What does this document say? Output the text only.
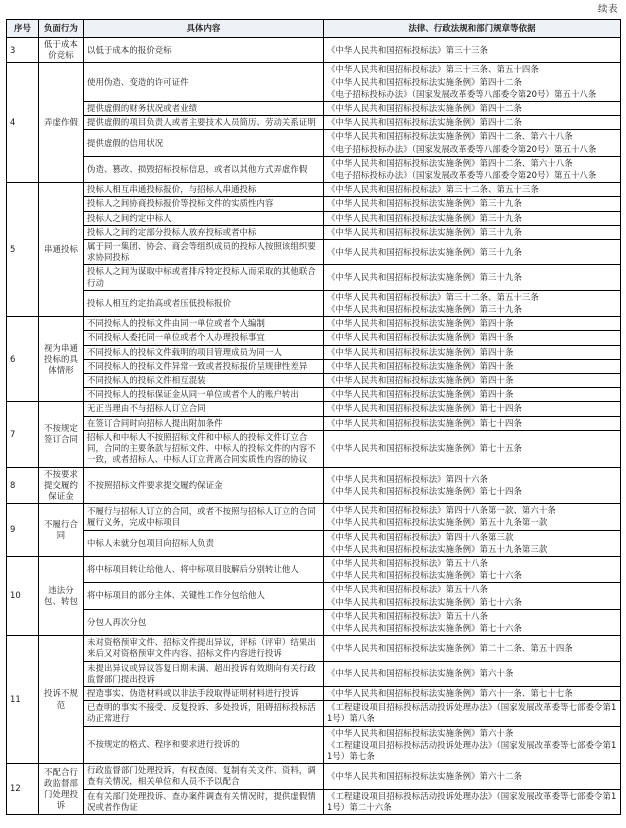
续表
序号	负面行为	具体内容	法律、行政法规和部门规章等依据
3	低于成本价竞标	以低于成本的报价竞标	《中华人民共和国招标投标法》第三十三条

4	弄虚作假	使用伪造、变造的许可证件	《中华人民共和国招标投标法》第三十三条、第五十四条
《中华人民共和国招标投标法实施条例》第四十二条
《电子招标投标办法》（国家发展改革委等八部委令第20号）第五十八条

		提供虚假的财务状况或者业绩	《中华人民共和国招标投标法实施条例》第四十二条

		提供虚假的项目负责人或者主要技术人员简历、劳动关系证明	《中华人民共和国招标投标法实施条例》第四十二条

		提供虚假的信用状况	《中华人民共和国招标投标法实施条例》第四十二条、第六十八条
《电子招标投标办法》（国家发展改革委等八部委令第20号）第五十八条

		伪造、篡改、损毁招标投标信息，或者以其他方式弄虚作假	《中华人民共和国招标投标法实施条例》第四十二条、第六十八条
《电子招标投标办法》（国家发展改革委等八部委令第20号）第五十八条

5	串通投标	投标人相互串通投标报价，与招标人串通投标	《中华人民共和国招标投标法》第三十二条、第五十三条

		投标人之间协商投标报价等投标文件的实质性内容	《中华人民共和国招标投标法实施条例》第三十九条

		投标人之间约定中标人	《中华人民共和国招标投标法实施条例》第三十九条

		投标人之间约定部分投标人放弃投标或者中标	《中华人民共和国招标投标法实施条例》第三十九条

		属于同一集团、协会、商会等组织成员的投标人按照该组织要求协同投标	《中华人民共和国招标投标法实施条例》第三十九条

		投标人之间为谋取中标或者排斥特定投标人而采取的其他联合行动	《中华人民共和国招标投标法实施条例》第三十九条

		投标人相互约定抬高或者压低投标报价	《中华人民共和国招标投标法》第三十二条、第五十三条
《中华人民共和国招标投标法实施条例》第三十九条

6	视为串通投标的具体情形	不同投标人的投标文件由同一单位或者个人编制	《中华人民共和国招标投标法实施条例》第四十条

		不同投标人委托同一单位或者个人办理投标事宜	《中华人民共和国招标投标法实施条例》第四十条

		不同投标人的投标文件载明的项目管理成员为同一人	《中华人民共和国招标投标法实施条例》第四十条

		不同投标人的投标文件异常一致或者投标报价呈规律性差异	《中华人民共和国招标投标法实施条例》第四十条

		不同投标人的投标文件相互混装	《中华人民共和国招标投标法实施条例》第四十条

		不同投标人的投标保证金从同一单位或者个人的账户转出	《中华人民共和国招标投标法实施条例》第四十条

7	不按规定签订合同	无正当理由不与招标人订立合同	《中华人民共和国招标投标法实施条例》第七十四条

		在签订合同时向招标人提出附加条件	《中华人民共和国招标投标法实施条例》第七十四条

		招标人和中标人不按照招标文件和中标人的投标文件订立合同，合同的主要条款与招标文件、中标人的投标文件的内容不一致，或者招标人、中标人订立背离合同实质性内容的协议	《中华人民共和国招标投标法实施条例》第七十五条

8	不按要求提交履约保证金	不按照招标文件要求提交履约保证金	《中华人民共和国招标投标法》第四十六条
《中华人民共和国招标投标法实施条例》第七十四条

9	不履行合同	不履行与招标人订立的合同，或者不按照与招标人订立的合同履行义务，完成中标项目	《中华人民共和国招标投标法》第四十八条第一款、第六十条
《中华人民共和国招标投标法实施条例》第五十九条第一款

		中标人未就分包项目向招标人负责	《中华人民共和国招标投标法》第四十八条第三款
《中华人民共和国招标投标法实施条例》第五十九条第三款

10	违法分包、转包	将中标项目转让给他人、将中标项目肢解后分别转让他人	《中华人民共和国招标投标法》第五十八条
《中华人民共和国招标投标法实施条例》第七十六条

		将中标项目的部分主体、关键性工作分包给他人	《中华人民共和国招标投标法》第五十八条
《中华人民共和国招标投标法实施条例》第七十六条

		分包人再次分包	《中华人民共和国招标投标法》第五十八条
《中华人民共和国招标投标法实施条例》第七十六条

11	投诉不规范	未对资格预审文件、招标文件提出异议，评标（评审）结果出来后又对资格预审文件内容、招标文件内容进行投诉	《中华人民共和国招标投标法实施条例》第二十二条、第五十四条

		未提出异议或异议答复日期未满、超出投诉有效期向有关行政监督部门提出投诉	《中华人民共和国招标投标法实施条例》第六十条

		捏造事实、伪造材料或以非法手段取得证明材料进行投诉	《中华人民共和国招标投标法实施条例》第六十一条、第七十七条

		已查明的事实不接受、反复投诉、多处投诉，阻碍招标投标活动正常进行	《工程建设项目招标投标活动投诉处理办法》（国家发展改革委等七部委令第11号）第八条

		不按规定的格式、程序和要求进行投诉的	《中华人民共和国招标投标法实施条例》第六十条
《工程建设项目招标投标活动投诉处理办法》（国家发展改革委等七部委令第11号）第七条

12	不配合行政监督部门处理投诉	行政监督部门处理投诉，有权查阅、复制有关文件、资料，调查有关情况，相关单位和人员不予以配合	《中华人民共和国招标投标法实施条例》第六十二条

		在有关部门处理投诉、查办案件调查有关情况时，提供虚假情况或者作伪证	《工程建设项目招标投标活动投诉处理办法》（国家发展改革委等七部委令第11号）第二十六条
